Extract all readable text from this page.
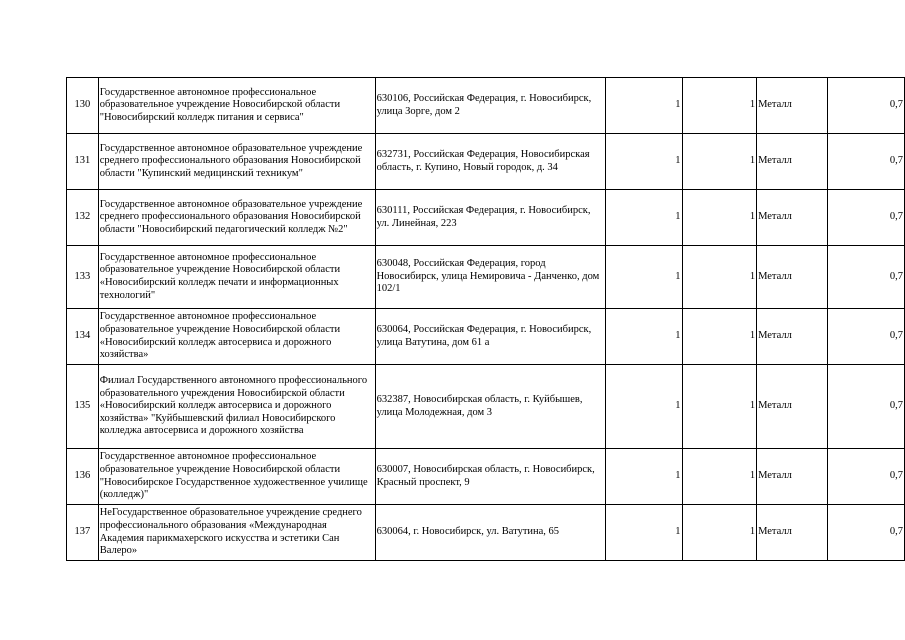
130	Государственное автономное профессиональное образовательное учреждение Новосибирской области "Новосибирский колледж питания и сервиса"	630106, Российская Федерация, г. Новосибирск, улица Зорге, дом 2	1	1	Металл	0,7
131	Государственное автономное образовательное учреждение среднего профессионального образования Новосибирской области "Купинский медицинский техникум"	632731, Российская Федерация, Новосибирская область, г. Купино, Новый городок, д. 34	1	1	Металл	0,7
132	Государственное автономное образовательное учреждение среднего профессионального образования Новосибирской области "Новосибирский педагогический колледж №2"	630111, Российская Федерация, г. Новосибирск, ул. Линейная, 223	1	1	Металл	0,7
133	Государственное автономное профессиональное образовательное учреждение Новосибирской области «Новосибирский колледж печати и информационных технологий"	630048, Российская Федерация, город Новосибирск, улица Немировича - Данченко, дом 102/1	1	1	Металл	0,7
134	Государственное автономное профессиональное образовательное учреждение Новосибирской области «Новосибирский колледж автосервиса и дорожного хозяйства»	630064, Российская Федерация, г. Новосибирск, улица Ватутина, дом 61 а	1	1	Металл	0,7
135	Филиал Государственного автономного профессионального образовательного учреждения Новосибирской области «Новосибирский колледж автосервиса и дорожного хозяйства» "Куйбышевский филиал Новосибирского колледжа автосервиса и дорожного хозяйства	632387, Новосибирская область, г. Куйбышев, улица Молодежная, дом 3	1	1	Металл	0,7
136	Государственное автономное профессиональное образовательное учреждение Новосибирской области "Новосибирское Государственное художественное училище (колледж)"	630007, Новосибирская область, г. Новосибирск, Красный проспект, 9	1	1	Металл	0,7
137	НеГосударственное образовательное учреждение среднего профессионального образования «Международная Академия парикмахерского искусства и эстетики Сан Валеро»	630064, г. Новосибирск, ул. Ватутина, 65	1	1	Металл	0,7
